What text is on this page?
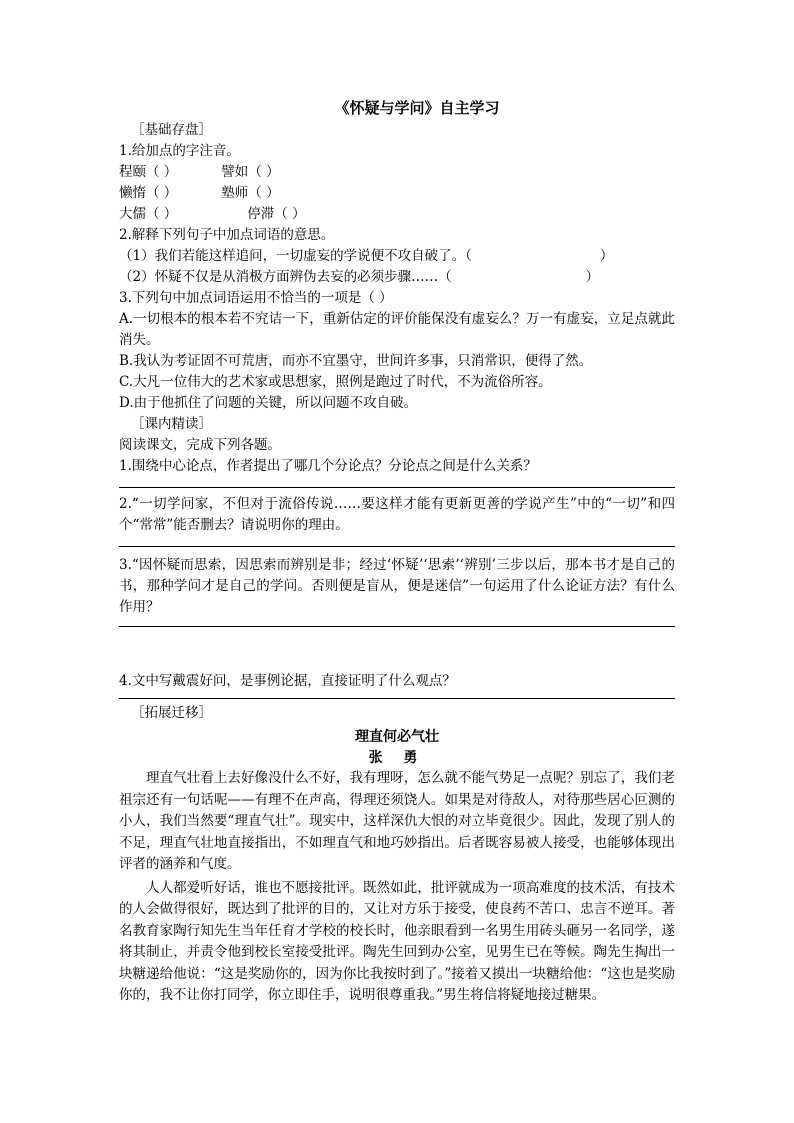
《怀疑与学问》自主学习
［基础存盘］
1.给加点的字注音。
程颐（ ）	譬如（ ）
懒惰（ ）	塾师（ ）
大儒（ ）	停滞（ ）
2.解释下列句子中加点词语的意思。
（1）我们若能这样追问，一切虚妄的学说便不攻自破了。（	）
（2）怀疑不仅是从消极方面辨伪去妄的必须步骤……（	）
3.下列句中加点词语运用不恰当的一项是（ ）
A.一切根本的根本若不究诘一下，重新估定的评价能保没有虚妄么？万一有虚妄，立足点就此消失。
B.我认为考证固不可荒唐，而亦不宜墨守，世间许多事，只消常识，便得了然。
C.大凡一位伟大的艺术家或思想家，照例是跑过了时代，不为流俗所容。
D.由于他抓住了问题的关键，所以问题不攻自破。
［课内精读］
阅读课文，完成下列各题。
1.围绕中心论点，作者提出了哪几个分论点？分论点之间是什么关系？
2.“一切学问家，不但对于流俗传说……要这样才能有更新更善的学说产生”中的“一切”和四个“常常”能否删去？请说明你的理由。
3.“因怀疑而思索，因思索而辨别是非；经过‘怀疑’‘思索’‘辨别’三步以后，那本书才是自己的书，那种学问才是自己的学问。否则便是盲从，便是迷信”一句运用了什么论证方法？有什么作用？
4.文中写戴震好问，是事例论据，直接证明了什么观点？
［拓展迁移］
理直何必气壮
张 勇
理直气壮看上去好像没什么不好，我有理呀，怎么就不能气势足一点呢？别忘了，我们老祖宗还有一句话呢——有理不在声高，得理还须饶人。如果是对待敌人，对待那些居心叵测的小人，我们当然要“理直气壮”。现实中，这样深仇大恨的对立毕竟很少。因此，发现了别人的不足，理直气壮地直接指出，不如理直气和地巧妙指出。后者既容易被人接受，也能够体现出评者的涵养和气度。
人人都爱听好话，谁也不愿接批评。既然如此，批评就成为一项高难度的技术活，有技术的人会做得很好，既达到了批评的目的，又让对方乐于接受，使良药不苦口、忠言不逆耳。著名教育家陶行知先生当年任育才学校的校长时，他亲眼看到一名男生用砖头砸另一名同学，遂将其制止，并责令他到校长室接受批评。陶先生回到办公室，见男生已在等候。陶先生掏出一块糖递给他说：“这是奖励你的，因为你比我按时到了。”接着又摸出一块糖给他：“这也是奖励你的，我不让你打同学，你立即住手，说明很尊重我。”男生将信将疑地接过糖果。
